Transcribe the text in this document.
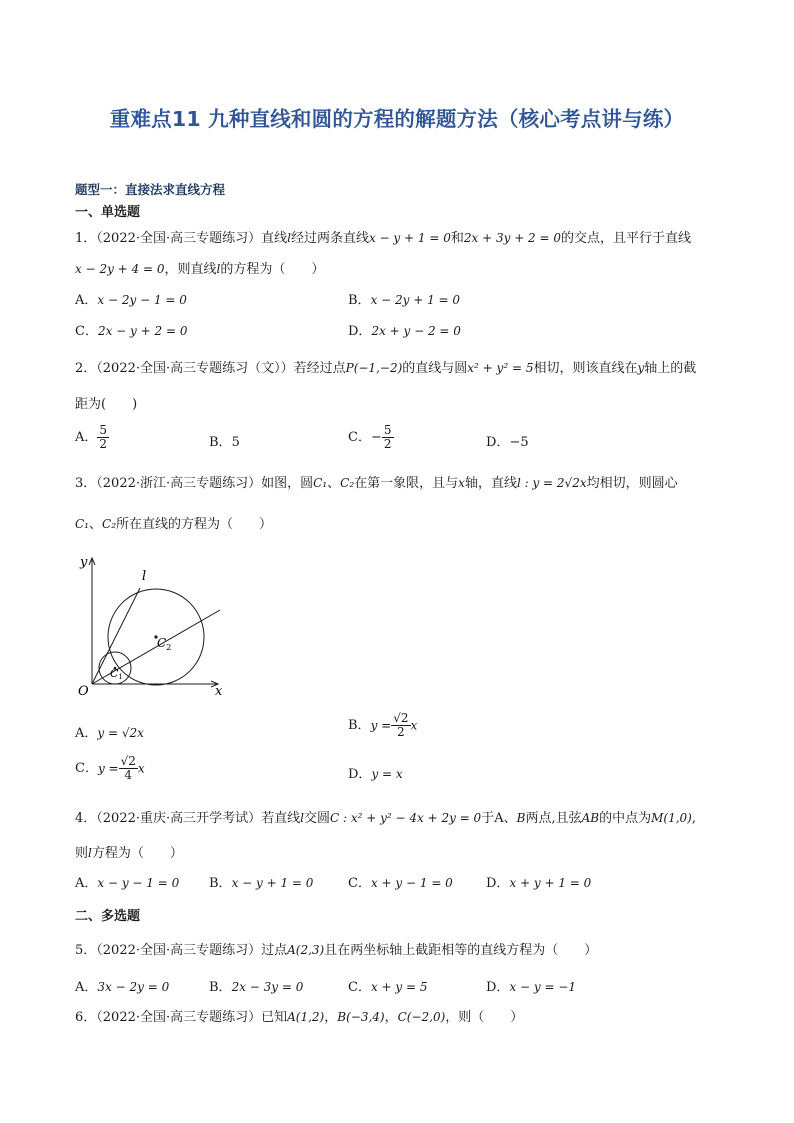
重难点11 九种直线和圆的方程的解题方法（核心考点讲与练）
题型一：直接法求直线方程
一、单选题
1．（2022·全国·高三专题练习）直线l经过两条直线x − y + 1 = 0和2x + 3y + 2 = 0的交点，且平行于直线
x − 2y + 4 = 0，则直线l的方程为（　　）
A．x − 2y − 1 = 0	B．x − 2y + 1 = 0
C．2x − y + 2 = 0	D．2x + y − 2 = 0
2．（2022·全国·高三专题练习（文））若经过点P(−1,−2)的直线与圆x² + y² = 5相切，则该直线在y轴上的截
距为(　　)
A． $\frac{5}{2}$	B．5	C．− $\frac{5}{2}$	D．−5
3．（2022·浙江·高三专题练习）如图，圆C₁、C₂在第一象限，且与x轴，直线l : y = 2√2x均相切，则圆心
C₁、C₂所在直线的方程为（　　）
y
x
O
l
$C_2$
C1
A．y = √2x	B．$y = \frac{√2}{2}$ x
C．$y = \frac{√2}{4}$ x	D．y = x
4．（2022·重庆·高三开学考试）若直线l交圆C : x² + y² − 4x + 2y = 0于A、B两点,且弦AB的中点为M(1,0),
则l方程为（　　）
A．x − y − 1 = 0 B．x − y + 1 = 0	C．x + y − 1 = 0	D．x + y + 1 = 0
二、多选题
5．（2022·全国·高三专题练习）过点A(2,3)且在两坐标轴上截距相等的直线方程为（　　）
A．3x − 2y = 0	B．2x − 3y = 0	C．x + y = 5	D．x − y = −1
6．（2022·全国·高三专题练习）已知A(1,2)，B(−3,4)，C(−2,0)，则（　　）
